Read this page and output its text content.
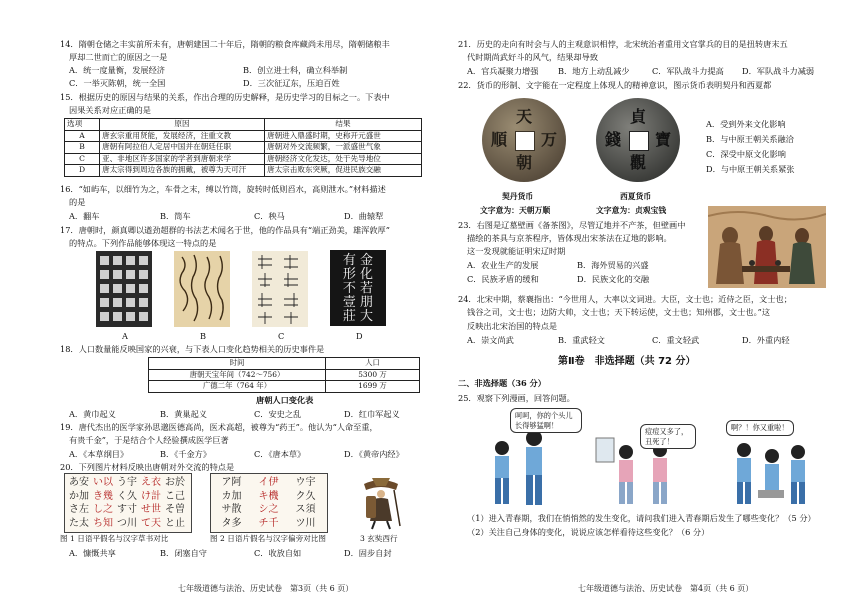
14．隋朝仓储之丰实前所未有，唐朝建国二十年后，隋朝的粮食库藏尚未用尽，隋朝储粮丰
厚却二世而亡的原因之一是
A．统一度量衡，发展经济	B．创立进士科，确立科举制
C．一举灭陈朝，统一全国	D．三次征辽东，压迫百姓
15．根据历史的原因与结果的关系，作出合理的历史解释，是历史学习的目标之一。下表中
因果关系对应正确的是
选项	原因	结果
A	唐玄宗重用贤能，发展经济，注重文教	唐朝进入鼎盛时期，史称开元盛世
B	唐朝有阿拉伯人定居中国并在朝廷任职	唐朝对外交流频繁，一派盛世气象
C	亚、非地区许多国家的学者到唐朝求学	唐朝经济文化发达，处于先导地位
D	唐太宗得到周边各族的拥戴，被尊为天可汗	唐太宗击败东突厥，促进民族交融
16．“如屿车，以细竹为之，车骨之末，缚以竹筒，旋转时低则舀水，高则泄水。”材料描述
的是
A．翻车	B．筒车	C．秧马	D．曲辕犁
17．唐朝时，颜真卿以遒劲超群的书法艺术闻名于世，他的作品具有“端正劲美，雄浑敦厚”
的特点。下列作品能够体现这一特点的是
有 金
形 化
不 若
壹 朋
莊 大
A	B	C	D
18．人口数量能反映国家的兴衰，与下表人口变化趋势相关的历史事件是
时间	人口
唐朝天宝年间（742～756）	5300 万
广德二年（764 年）	1699 万
唐朝人口变化表
A．黄巾起义	B．黄巢起义	C．安史之乱	D．红巾军起义
19．唐代杰出的医学家孙思邈医德高尚，医术高超，被尊为“药王”。他认为“人命至重，
有贵千金”，于是结合个人经验撰成医学巨著
A．《本草纲目》	B．《千金方》	C．《唐本草》	D．《黄帝内经》
20．下列图片材料反映出唐朝对外交流的特点是
あ安 い以 う宇 え衣 お於
か加 き幾 く久 け計 こ己
さ左 し之 す寸 せ世 そ曽
た太 ち知 つ川 て天 と止
ア阿	イ伊	ウ宇
カ加	キ機	ク久
サ散	シ之	ス須
タ多	チ千	ツ川
图 1 日语平假名与汉字草书对比	图 2 日语片假名与汉字偏旁对比图	3 玄奘西行
A．慷慨共享	B．闭塞自守	C．收放自如	D．固步自封
七年级道德与法治、历史试卷　第3页（共 6 页）
21．历史的走向有时会与人的主观意识相悖，北宋统治者重用文官掌兵的目的是扭转唐末五
代时期尚武好斗的风气，结果却导致
A．官兵凝聚力增强 B．地方上动乱减少	C．军队战斗力提高 D．军队战斗力减弱
22．货币的形制、文字能在一定程度上体现人的精神意识，图示货币表明契丹和西夏都
天
朝
万
順
貞
觀
寶
錢
契丹货币	西夏货币
文字意为：天朝万顺	文字意为：贞观宝钱
A．受到外来文化影响
B．与中原王朝关系融洽
C．深受中原文化影响
D．与中原王朝关系紧张
23．右图是辽墓壁画《备茶图》，尽管辽地并不产茶，但壁画中
描绘的茶具与京茶程序，皆体现出宋茶法在辽地的影响。
这一发现就能证明宋辽时期
A．农业生产的发展	B．海外贸易的兴盛
C．民族矛盾的缓和	D．民族文化的交融
24．北宋中期，蔡襄指出：“今世用人，大率以文词进。大臣，文士也；近侍之臣，文士也；
钱谷之司，文士也；边防大帅，文士也；天下转运使，文士也；知州郡，文士也。”这
反映出北宋治国的特点是
A．崇文尚武	B．重武轻文	C．重文轻武	D．外重内轻
第Ⅱ卷　非选择题（共 72 分）
二、非选择题（36 分）
25．观察下列漫画，回答问题。
呵呵，你的个头儿长得够猛啊！
痘痘又多了，丑死了！
啊？！你又重啦！
（1）进入青春期，我们在悄悄然的发生变化，请问我们进入青春期后发生了哪些变化？（5 分）
（2）关注自己身体的变化，说说应该怎样看待这些变化？（6 分）
七年级道德与法治、历史试卷　第4页（共 6 页）
